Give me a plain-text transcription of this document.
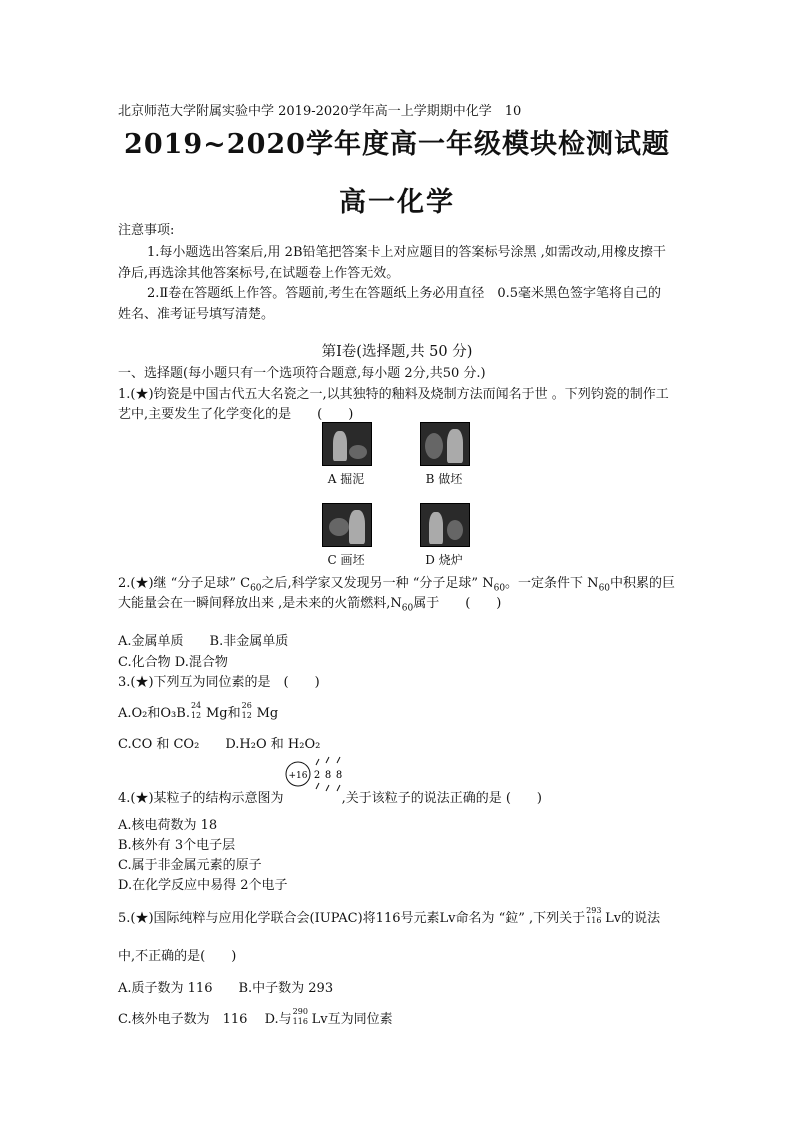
北京师范大学附属实验中学 2019-2020学年高一上学期期中化学　10
2019~2020学年度高一年级模块检测试题
高一化学
注意事项:
1.每小题选出答案后,用 2B铅笔把答案卡上对应题目的答案标号涂黑 ,如需改动,用橡皮擦干
净后,再选涂其他答案标号,在试题卷上作答无效。
2.Ⅱ卷在答题纸上作答。答题前,考生在答题纸上务必用直径　0.5毫米黑色签字笔将自己的
姓名、准考证号填写清楚。
第Ⅰ卷(选择题,共 50 分)
一、选择题(每小题只有一个选项符合题意,每小题 2分,共50 分.)
1.(★)钧瓷是中国古代五大名瓷之一,以其独特的釉料及烧制方法而闻名于世 。下列钧瓷的制作工
艺中,主要发生了化学变化的是　　(　　)
A 掘泥	B 做坯
C 画坯	D 烧炉
2.(★)继 “分子足球” $C_{60}$之后,科学家又发现另一种 “分子足球” $N_{60}$。一定条件下 $N_{60}$中积累的巨
大能量会在一瞬间释放出来 ,是未来的火箭燃料$,N_{60}$属于　　(　　)
A.金属单质　　B.非金属单质
C.化合物 D.混合物
3.(★)下列互为同位素的是　(　　)
A.O₂和O₃B.
24
12 Mg和
26
12 Mg
C.CO 和 CO₂　　 D.H₂O 和 H₂O₂
+16 2 8 8
4.(★)某粒子的结构示意图为	,关于该粒子的说法正确的是 (　　)
A.核电荷数为 18
B.核外有 3个电子层
C.属于非金属元素的原子
D.在化学反应中易得 2个电子
5.(★)国际纯粹与应用化学联合会(IUPAC)将116号元素Lv命名为 “鉝” ,下列关于
293
116 Lv的说法
中,不正确的是(　　)
A.质子数为 116　　B.中子数为 293
C.核外电子数为　116　 D.与
290
116 Lv互为同位素
